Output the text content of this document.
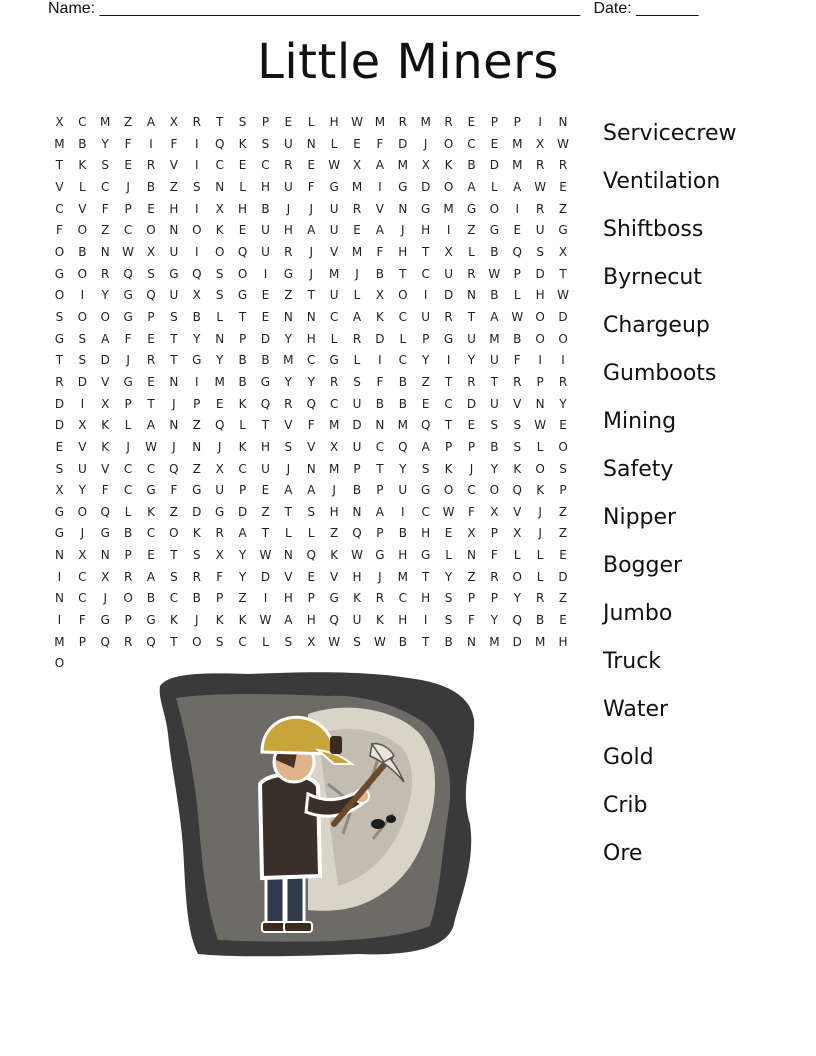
Name: ______________________________________________________ Date: _______
Little Miners
X	C	M	Z	A	X	R	T	S	P	E	L	H	W M	R	M	R	E	P	P	I	N
M	B	Y	F	I	F	I	Q	K	S	U	N	L	E	F	D	J	O	C	E	M	X	W
T	K	S	E	R	V	I	C	E	C	R	E	W	X	A	M	X	K	B	D	M	R	R
V	L	C	J	B	Z	S	N	L	H	U	F	G	M	I	G	D	O	A	L	A	W	E
C	V	F	P	E	H	I	X	H	B	J	J	U	R	V	N	G	M	G	O	I	R	Z
F	O	Z	C	O	N	O	K	E	U	H	A	U	E	A	J	H	I	Z	G	E	U	G
O	B	N	W	X	U	I	O	Q	U	R	J	V	M	F	H	T	X	L	B	Q	S	X
G	O	R	Q	S	G	Q	S	O	I	G	J	M	J	B	T	C	U	R	W	P	D	T
O	I	Y	G	Q	U	X	S	G	E	Z	T	U	L	X	O	I	D	N	B	L	H	W
S	O	O	G	P	S	B	L	T	E	N	N	C	A	K	C	U	R	T	A	W	O	D
G	S	A	F	E	T	Y	N	P	D	Y	H	L	R	D	L	P	G	U	M	B	O	O
T	S	D	J	R	T	G	Y	B	B	M	C	G	L	I	C	Y	I	Y	U	F	I	I
R	D	V	G	E	N	I	M	B	G	Y	Y	R	S	F	B	Z	T	R	T	R	P	R
D	I	X	P	T	J	P	E	K	Q	R	Q	C	U	B	B	E	C	D	U	V	N	Y
D	X	K	L	A	N	Z	Q	L	T	V	F	M	D	N	M	Q	T	E	S	S	W	E
E	V	K	J	W	J	N	J	K	H	S	V	X	U	C	Q	A	P	P	B	S	L	O
S	U	V	C	C	Q	Z	X	C	U	J	N	M	P	T	Y	S	K	J	Y	K	O	S
X	Y	F	C	G	F	G	U	P	E	A	A	J	B	P	U	G	O	C	O	Q	K	P
G	O	Q	L	K	Z	D	G	D	Z	T	S	H	N	A	I	C	W	F	X	V	J	Z
G	J	G	B	C	O	K	R	A	T	L	L	Z	Q	P	B	H	E	X	P	X	J	Z
N	X	N	P	E	T	S	X	Y	W	N	Q	K	W	G	H	G	L	N	F	L	L	E
I	C	X	R	A	S	R	F	Y	D	V	E	V	H	J	M	T	Y	Z	R	O	L	D
N	C	J	O	B	C	B	P	Z	I	H	P	G	K	R	C	H	S	P	P	Y	R	Z
I	F	G	P	G	K	J	K	K	W	A	H	Q	U	K	H	I	S	F	Y	Q	B	E
M	P	Q	R	Q	T	O	S	C	L	S	X	W	S	W	B	T	B	N	M	D	M	H
O
Servicecrew
Ventilation
Shiftboss
Byrnecut
Chargeup
Gumboots
Mining
Safety
Nipper
Bogger
Jumbo
Truck
Water
Gold
Crib
Ore
